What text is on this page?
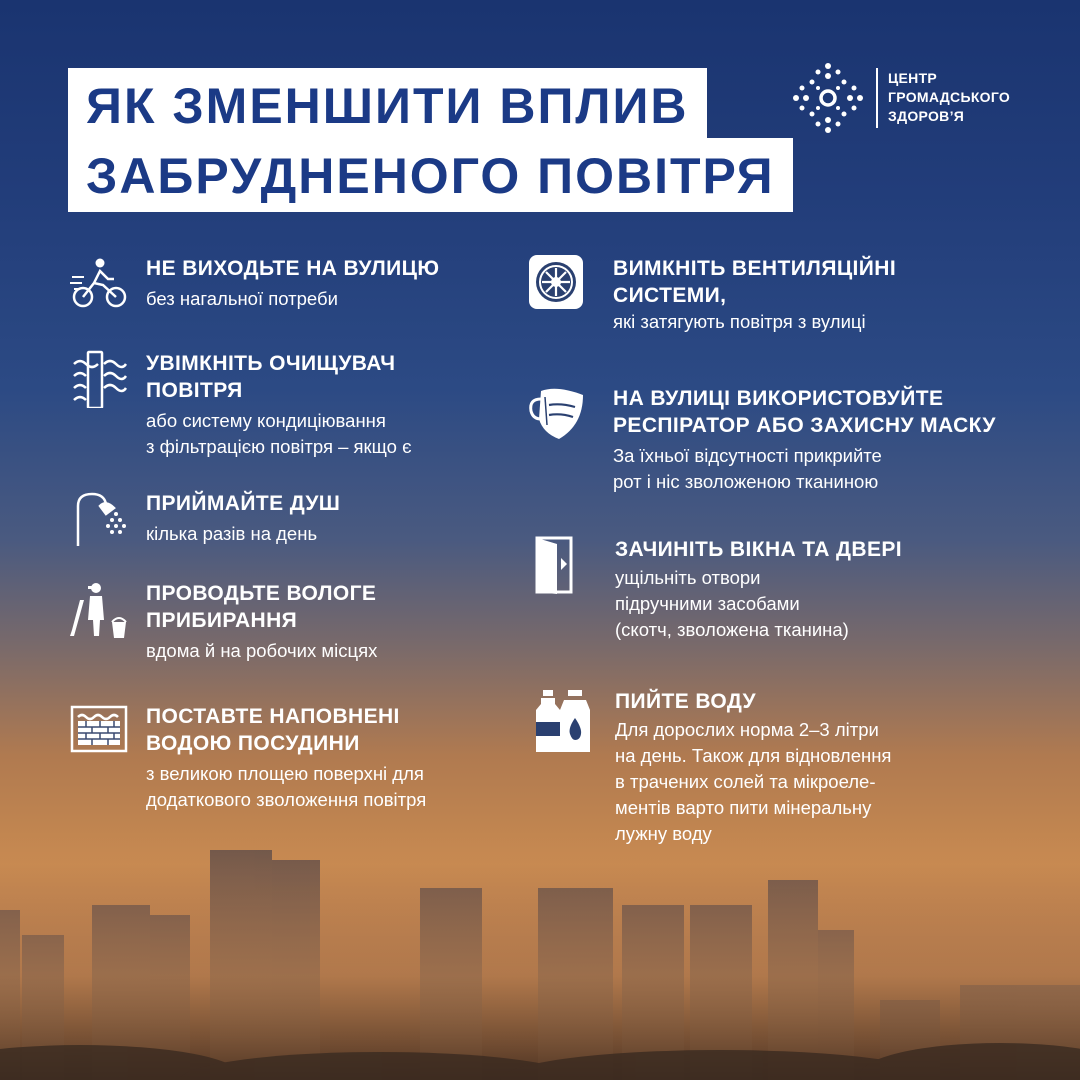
ЯК ЗМЕНШИТИ ВПЛИВ
ЗАБРУДНЕНОГО ПОВІТРЯ
ЦЕНТР
ГРОМАДСЬКОГО
ЗДОРОВ’Я

НЕ ВИХОДЬТЕ НА ВУЛИЦЮ

без нагальної потреби

УВІМКНІТЬ ОЧИЩУВАЧ
ПОВІТРЯ

або систему кондиціювання
з фільтрацією повітря – якщо є

ПРИЙМАЙТЕ ДУШ

кілька разів на день

ПРОВОДЬТЕ ВОЛОГЕ
ПРИБИРАННЯ

вдома й на робочих місцях

ПОСТАВТЕ НАПОВНЕНІ
ВОДОЮ ПОСУДИНИ

з великою площею поверхні для
додаткового зволоження повітря

ВИМКНІТЬ ВЕНТИЛЯЦІЙНІ
СИСТЕМИ,

які затягують повітря з вулиці

НА ВУЛИЦІ ВИКОРИСТОВУЙТЕ
РЕСПІРАТОР АБО ЗАХИСНУ МАСКУ

За їхньої відсутності прикрийте
рот і ніс зволоженою тканиною

ЗАЧИНІТЬ ВІКНА ТА ДВЕРІ

ущільніть отвори
підручними засобами
(скотч, зволожена тканина)

ПИЙТЕ ВОДУ

Для дорослих норма 2–3 літри
на день. Також для відновлення
в трачених солей та мікроеле-
ментів варто пити мінеральну
лужну воду
